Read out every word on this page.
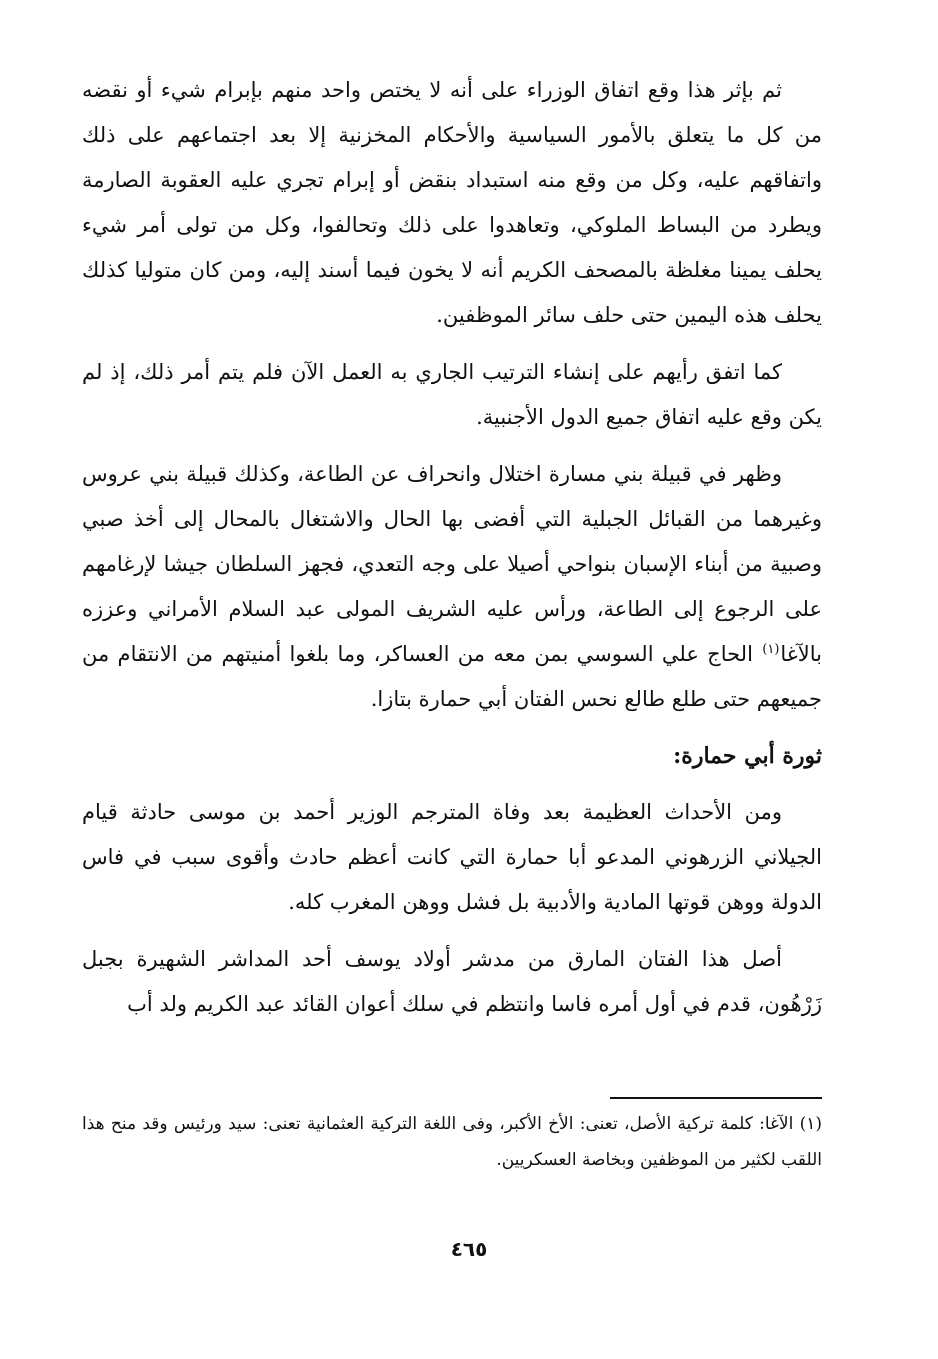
ثم بإثر هذا وقع اتفاق الوزراء على أنه لا يختص واحد منهم بإبرام شيء أو نقضه من كل ما يتعلق بالأمور السياسية والأحكام المخزنية إلا بعد اجتماعهم على ذلك واتفاقهم عليه، وكل من وقع منه استبداد بنقض أو إبرام تجري عليه العقوبة الصارمة ويطرد من البساط الملوكي، وتعاهدوا على ذلك وتحالفوا، وكل من تولى أمر شيء يحلف يمينا مغلظة بالمصحف الكريم أنه لا يخون فيما أسند إليه، ومن كان متوليا كذلك يحلف هذه اليمين حتى حلف سائر الموظفين.

كما اتفق رأيهم على إنشاء الترتيب الجاري به العمل الآن فلم يتم أمر ذلك، إذ لم يكن وقع عليه اتفاق جميع الدول الأجنبية.

وظهر في قبيلة بني مسارة اختلال وانحراف عن الطاعة، وكذلك قبيلة بني عروس وغيرهما من القبائل الجبلية التي أفضى بها الحال والاشتغال بالمحال إلى أخذ صبي وصبية من أبناء الإسبان بنواحي أصيلا على وجه التعدي، فجهز السلطان جيشا لإرغامهم على الرجوع إلى الطاعة، ورأس عليه الشريف المولى عبد السلام الأمراني وعززه بالآغا$^{(١)}$ الحاج علي السوسي بمن معه من العساكر، وما بلغوا أمنيتهم من الانتقام من جميعهم حتى طلع طالع نحس الفتان أبي حمارة بتازا.

ثورة أبي حمارة:

ومن الأحداث العظيمة بعد وفاة المترجم الوزير أحمد بن موسى حادثة قيام الجيلاني الزرهوني المدعو أبا حمارة التي كانت أعظم حادث وأقوى سبب في فاس الدولة ووهن قوتها المادية والأدبية بل فشل ووهن المغرب كله.

أصل هذا الفتان المارق من مدشر أولاد يوسف أحد المداشر الشهيرة بجبل زَرْهُون، قدم في أول أمره فاسا وانتظم في سلك أعوان القائد عبد الكريم ولد أب

(١) الآغا: كلمة تركية الأصل، تعنى: الأخ الأكبر، وفى اللغة التركية العثمانية تعنى: سيد ورئيس وقد منح هذا اللقب لكثير من الموظفين وبخاصة العسكريين.
٤٦٥
